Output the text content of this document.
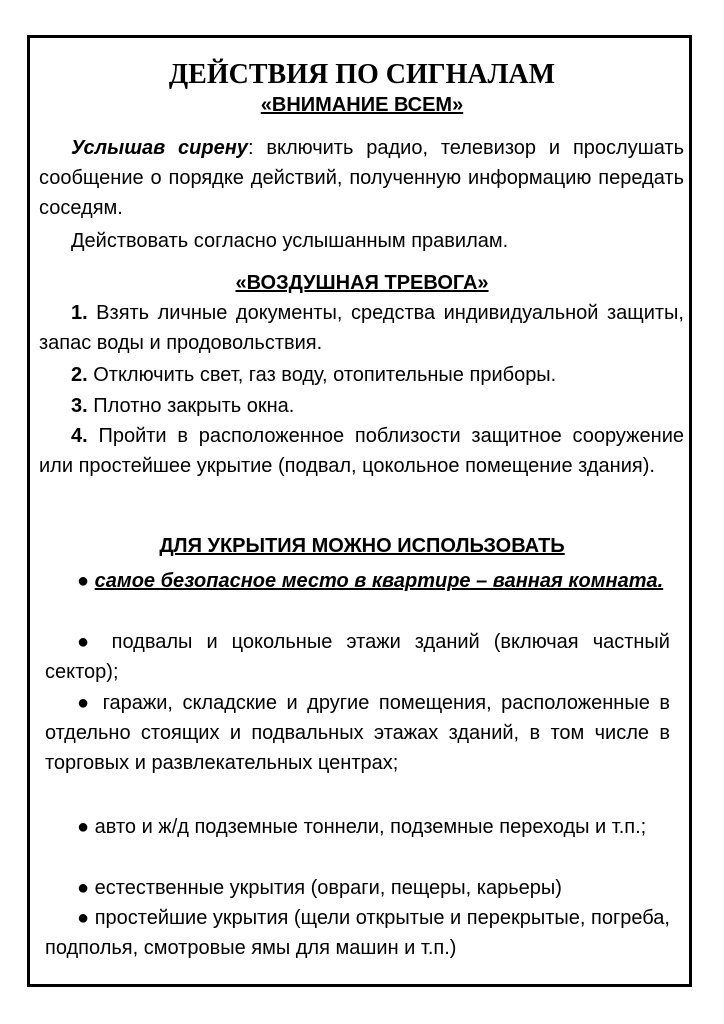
ДЕЙСТВИЯ ПО СИГНАЛАМ
«ВНИМАНИЕ ВСЕМ»

Услышав сирену: включить радио, телевизор и прослушать сообщение о порядке действий, полученную информацию передать соседям.

Действовать согласно услышанным правилам.

«ВОЗДУШНАЯ ТРЕВОГА»

1. Взять личные документы, средства индивидуальной защиты, запас воды и продовольствия.

2. Отключить свет, газ воду, отопительные приборы.

3. Плотно закрыть окна.

4. Пройти в расположенное поблизости защитное сооружение или простейшее укрытие (подвал, цокольное помещение здания).

ДЛЯ УКРЫТИЯ МОЖНО ИСПОЛЬЗОВАТЬ

● самое безопасное место в квартире – ванная комната.

● подвалы и цокольные этажи зданий (включая частный сектор);

● гаражи, складские и другие помещения, расположенные в отдельно стоящих и подвальных этажах зданий, в том числе в торговых и развлекательных центрах;

● авто и ж/д подземные тоннели, подземные переходы и т.п.;

● естественные укрытия (овраги, пещеры, карьеры)

● простейшие укрытия (щели открытые и перекрытые, погреба, подполья, смотровые ямы для машин и т.п.)
